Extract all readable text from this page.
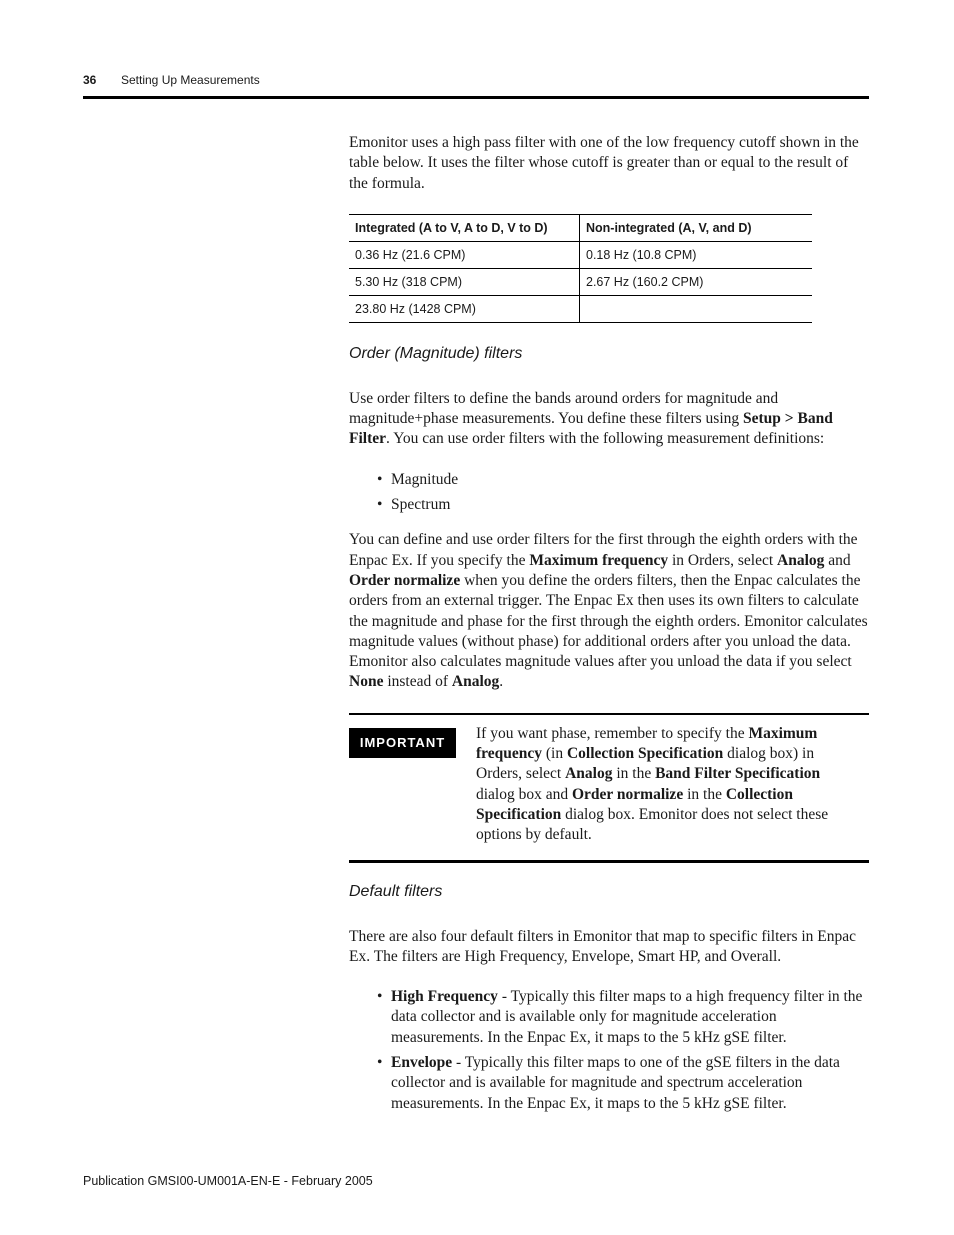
36 Setting Up Measurements

Emonitor uses a high pass filter with one of the low frequency cutoff shown in the table below. It uses the filter whose cutoff is greater than or equal to the result of the formula.

Integrated (A to V, A to D, V to D)	Non-integrated (A, V, and D)
0.36 Hz (21.6 CPM)	0.18 Hz (10.8 CPM)
5.30 Hz (318 CPM)	2.67 Hz (160.2 CPM)
23.80 Hz (1428 CPM)	
Order (Magnitude) filters

Use order filters to define the bands around orders for magnitude and magnitude+phase measurements. You define these filters using Setup > Band Filter. You can use order filters with the following measurement definitions:

• Magnitude
• Spectrum

You can define and use order filters for the first through the eighth orders with the Enpac Ex. If you specify the Maximum frequency in Orders, select Analog and Order normalize when you define the orders filters, then the Enpac calculates the orders from an external trigger. The Enpac Ex then uses its own filters to calculate the magnitude and phase for the first through the eighth orders. Emonitor calculates magnitude values (without phase) for additional orders after you unload the data. Emonitor also calculates magnitude values after you unload the data if you select None instead of Analog.

IMPORTANT

If you want phase, remember to specify the Maximum frequency (in Collection Specification dialog box) in Orders, select Analog in the Band Filter Specification dialog box and Order normalize in the Collection Specification dialog box. Emonitor does not select these options by default.

Default filters

There are also four default filters in Emonitor that map to specific filters in Enpac Ex. The filters are High Frequency, Envelope, Smart HP, and Overall.

• High Frequency - Typically this filter maps to a high frequency filter in the data collector and is available only for magnitude acceleration measurements. In the Enpac Ex, it maps to the 5 kHz gSE filter.
• Envelope - Typically this filter maps to one of the gSE filters in the data collector and is available for magnitude and spectrum acceleration measurements. In the Enpac Ex, it maps to the 5 kHz gSE filter.
Publication GMSI00-UM001A-EN-E - February 2005
